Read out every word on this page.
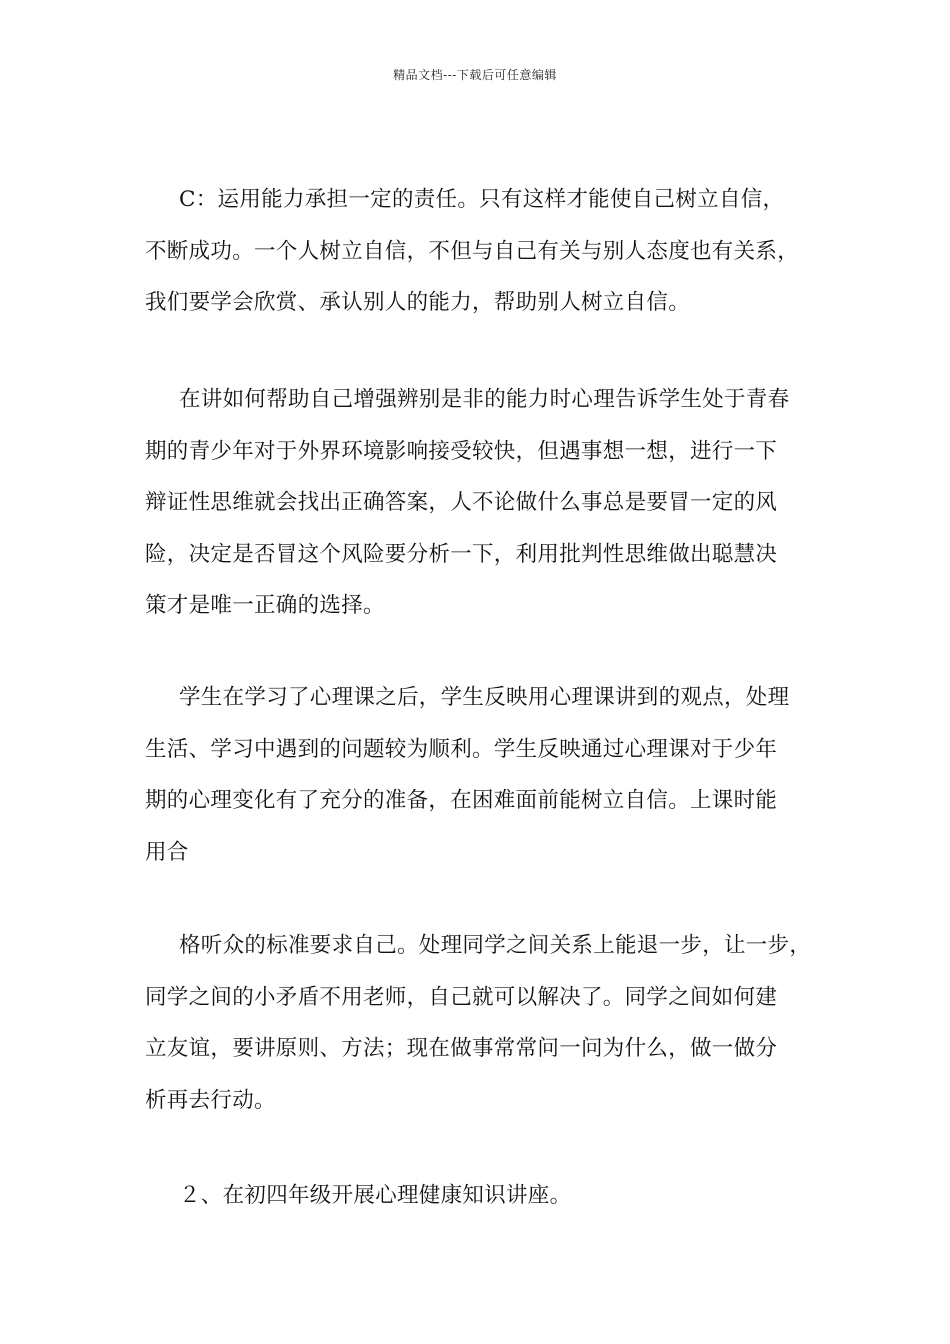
精品文档---下载后可任意编辑
C：运用能力承担一定的责任。只有这样才能使自己树立自信，
不断成功。一个人树立自信，不但与自己有关与别人态度也有关系，
我们要学会欣赏、承认别人的能力，帮助别人树立自信。
在讲如何帮助自己增强辨别是非的能力时心理告诉学生处于青春
期的青少年对于外界环境影响接受较快，但遇事想一想，进行一下
辩证性思维就会找出正确答案，人不论做什么事总是要冒一定的风
险，决定是否冒这个风险要分析一下，利用批判性思维做出聪慧决
策才是唯一正确的选择。
学生在学习了心理课之后，学生反映用心理课讲到的观点，处理
生活、学习中遇到的问题较为顺利。学生反映通过心理课对于少年
期的心理变化有了充分的准备，在困难面前能树立自信。上课时能
用合
格听众的标准要求自己。处理同学之间关系上能退一步，让一步，
同学之间的小矛盾不用老师，自己就可以解决了。同学之间如何建
立友谊，要讲原则、方法；现在做事常常问一问为什么，做一做分
析再去行动。
２、在初四年级开展心理健康知识讲座。
